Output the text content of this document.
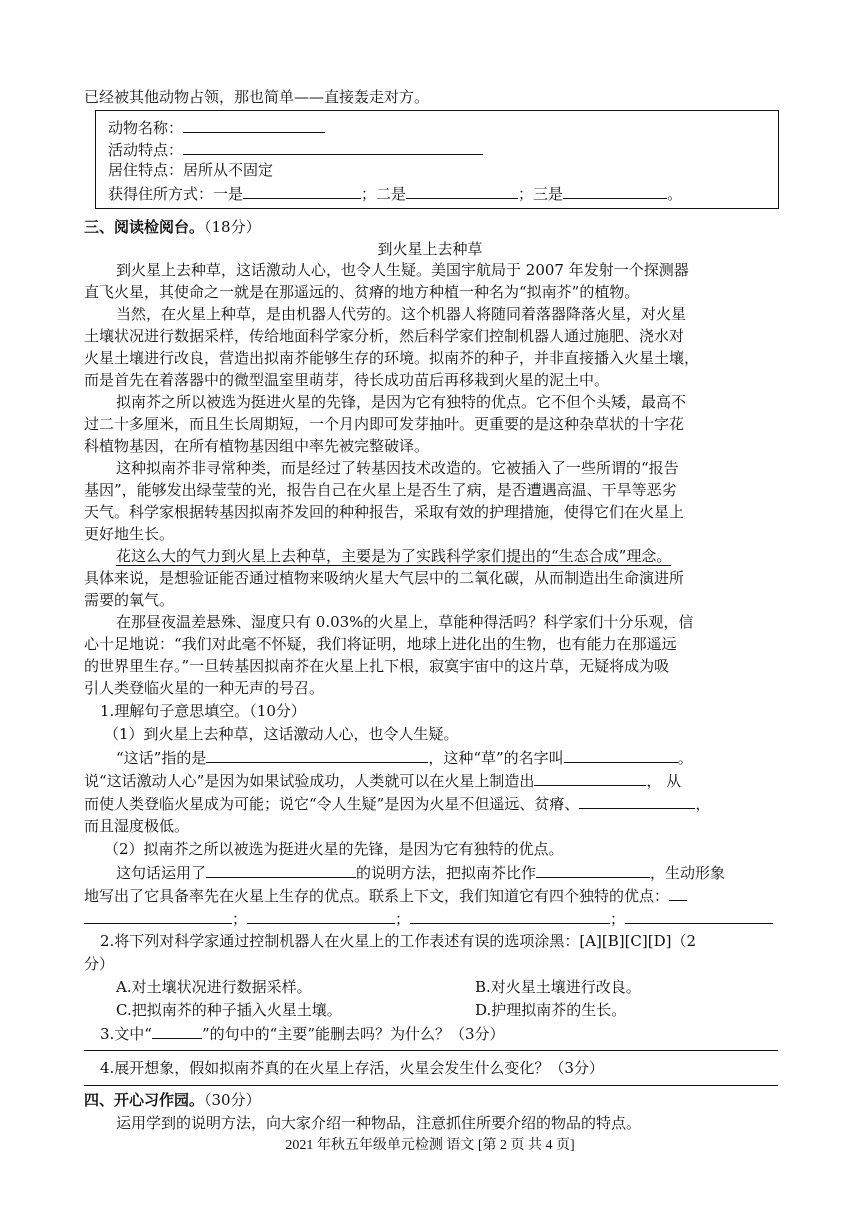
已经被其他动物占领，那也简单——直接轰走对方。
动物名称：
活动特点：
居住特点：居所从不固定
获得住所方式：一是	；二是	；三是	。
三、阅读检阅台。（18分）
到火星上去种草
到火星上去种草，这话激动人心，也令人生疑。美国宇航局于 2007 年发射一个探测器
直飞火星，其使命之一就是在那遥远的、贫瘠的地方种植一种名为“拟南芥”的植物。
当然，在火星上种草，是由机器人代劳的。这个机器人将随同着落器降落火星，对火星
土壤状况进行数据采样，传给地面科学家分析，然后科学家们控制机器人通过施肥、浇水对
火星土壤进行改良，营造出拟南芥能够生存的环境。拟南芥的种子，并非直接播入火星土壤，
而是首先在着落器中的微型温室里萌芽，待长成功苗后再移栽到火星的泥土中。
拟南芥之所以被选为挺进火星的先锋，是因为它有独特的优点。它不但个头矮，最高不
过二十多厘米，而且生长周期短，一个月内即可发芽抽叶。更重要的是这种杂草状的十字花
科植物基因，在所有植物基因组中率先被完整破译。
这种拟南芥非寻常种类，而是经过了转基因技术改造的。它被插入了一些所谓的“报告
基因”，能够发出绿莹莹的光，报告自己在火星上是否生了病，是否遭遇高温、干旱等恶劣
天气。科学家根据转基因拟南芥发回的种种报告，采取有效的护理措施，使得它们在火星上
更好地生长。
花这么大的气力到火星上去种草，主要是为了实践科学家们提出的“生态合成”理念。
具体来说，是想验证能否通过植物来吸纳火星大气层中的二氧化碳，从而制造出生命演进所
需要的氧气。
在那昼夜温差悬殊、湿度只有 0.03%的火星上，草能种得活吗？科学家们十分乐观，信
心十足地说：“我们对此毫不怀疑，我们将证明，地球上进化出的生物，也有能力在那遥远
的世界里生存。”一旦转基因拟南芥在火星上扎下根，寂寞宇宙中的这片草，无疑将成为吸
引人类登临火星的一种无声的号召。
1.理解句子意思填空。（10分）
（1）到火星上去种草，这话激动人心，也令人生疑。
“这话”指的是	，这种“草”的名字叫	。
说“这话激动人心”是因为如果试验成功，人类就可以在火星上制造出	， 从
而使人类登临火星成为可能；说它“令人生疑”是因为火星不但遥远、贫瘠、	，
而且湿度极低。
（2）拟南芥之所以被选为挺进火星的先锋，是因为它有独特的优点。
这句话运用了	的说明方法，把拟南芥比作	，生动形象
地写出了它具备率先在火星上生存的优点。联系上下文，我们知道它有四个独特的优点：
；	；	；
2.将下列对科学家通过控制机器人在火星上的工作表述有误的选项涂黑：[A][B][C][D]（2
分）
A.对土壤状况进行数据采样。	B.对火星土壤进行改良。
C.把拟南芥的种子插入火星土壤。	D.护理拟南芥的生长。
3.文中“	”的句中的“主要”能删去吗？为什么？（3分）
4.展开想象，假如拟南芥真的在火星上存活，火星会发生什么变化？（3分）
四、开心习作园。（30分）
运用学到的说明方法，向大家介绍一种物品，注意抓住所要介绍的物品的特点。
2021 年秋五年级单元检测 语文 [第 2 页 共 4 页]
